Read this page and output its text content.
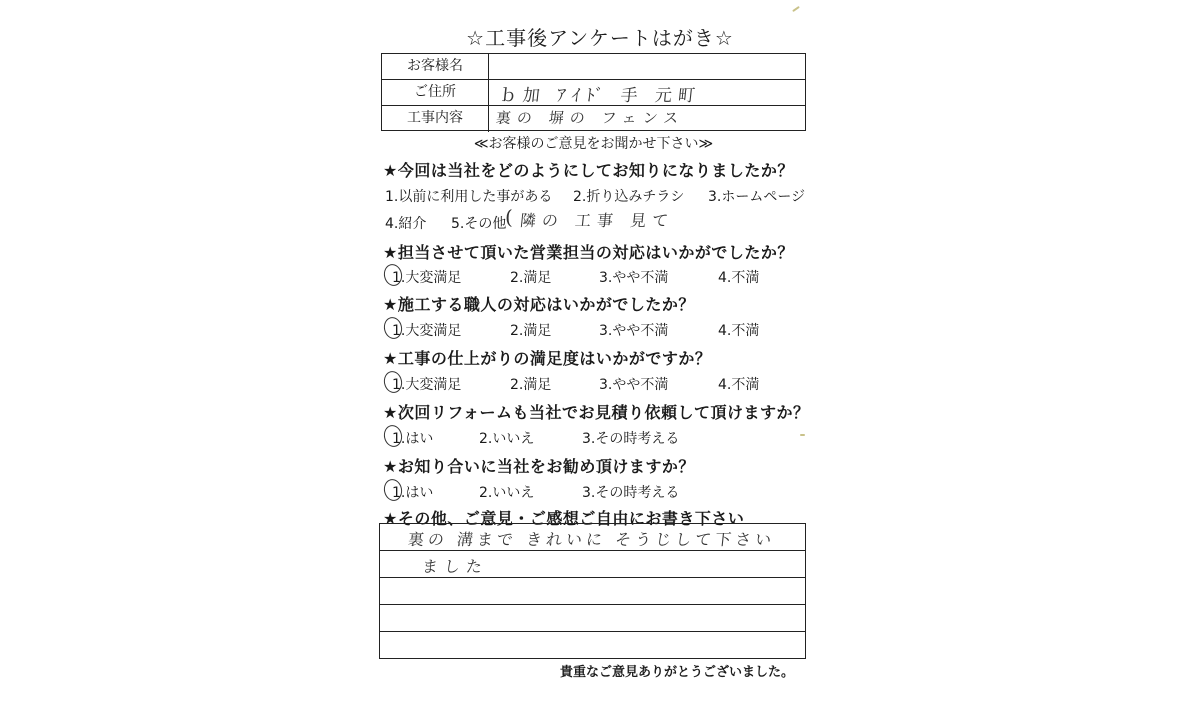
☆工事後アンケートはがき☆
お客様名
ご住所	ｂ加 ｱｲﾄﾞ 手 元町
工事内容	裏の 塀の フェンス
≪お客様のご意見をお聞かせ下さい≫
★今回は当社をどのようにしてお知りになりましたか？
1.以前に利用した事がある 2.折り込みチラシ 3.ホームページ
4.紹介 5.その他
( 隣の 工事 見て
★担当させて頂いた営業担当の対応はいかがでしたか？
1.大変満足	2.満足	3.やや不満	4.不満
★施工する職人の対応はいかがでしたか？
1.大変満足	2.満足	3.やや不満	4.不満
★工事の仕上がりの満足度はいかがですか？
1.大変満足	2.満足	3.やや不満	4.不満
★次回リフォームも当社でお見積り依頼して頂けますか？
1.はい	2.いいえ	3.その時考える
★お知り合いに当社をお勧め頂けますか？
1.はい	2.いいえ	3.その時考える
★その他、ご意見・ご感想ご自由にお書き下さい
裏の 溝まで きれいに そうじして下さい
ました
貴重なご意見ありがとうございました。
